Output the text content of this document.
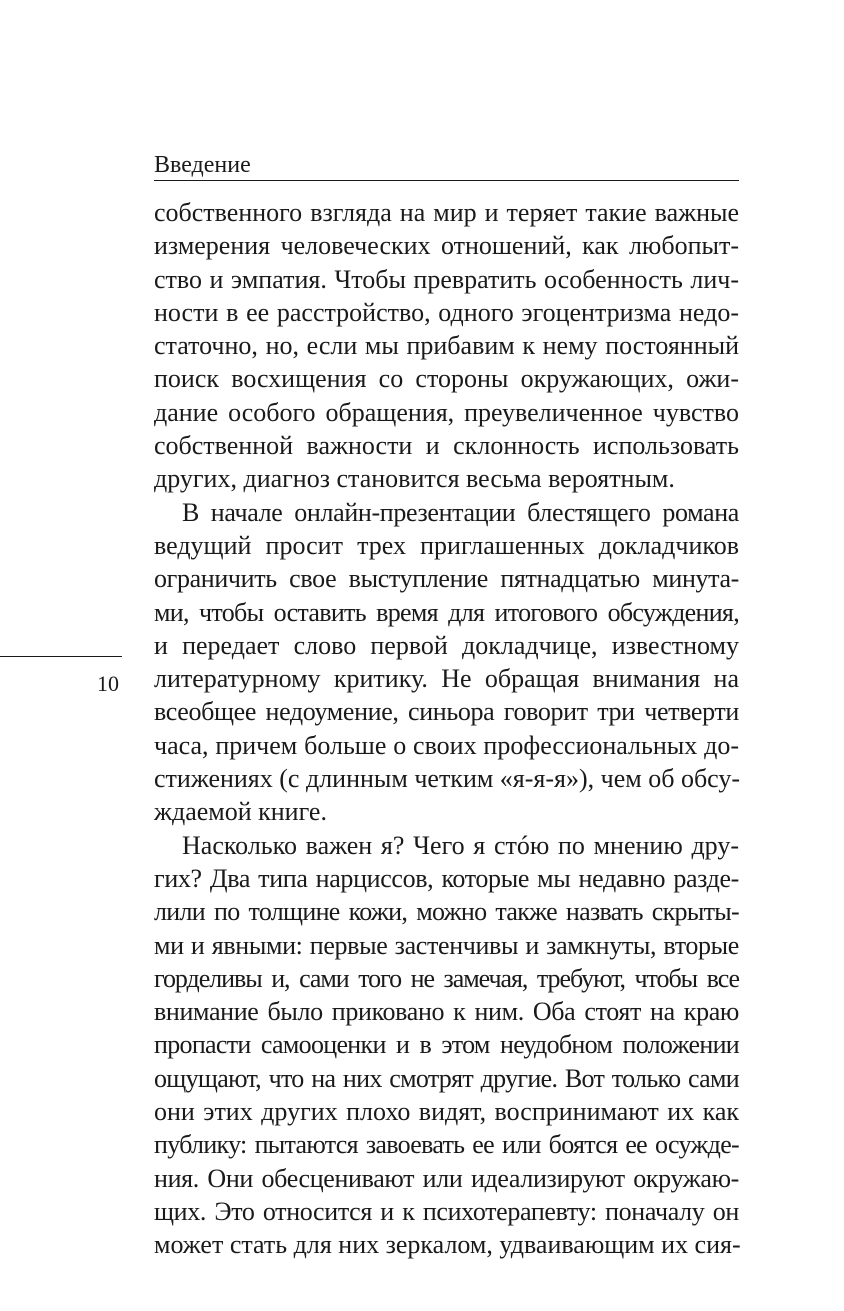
Введение
10
собственного взгляда на мир и теряет такие важные
измерения человеческих отношений, как любопыт-
ство и эмпатия. Чтобы превратить особенность лич-
ности в ее расстройство, одного эгоцентризма недо-
статочно, но, если мы прибавим к нему постоянный
поиск восхищения со стороны окружающих, ожи-
дание особого обращения, преувеличенное чувство
собственной важности и склонность использовать
других, диагноз становится весьма вероятным.
В начале онлайн-презентации блестящего романа
ведущий просит трех приглашенных докладчиков
ограничить свое выступление пятнадцатью минута-
ми, чтобы оставить время для итогового обсуждения,
и передает слово первой докладчице, известному
литературному критику. Не обращая внимания на
всеобщее недоумение, синьора говорит три четверти
часа, причем больше о своих профессиональных до-
стижениях (с длинным четким «я-я-я»), чем об обсу-
ждаемой книге.
Насколько важен я? Чего я стóю по мнению дру-
гих? Два типа нарциссов, которые мы недавно разде-
лили по толщине кожи, можно также назвать скрыты-
ми и явными: первые застенчивы и замкнуты, вторые
горделивы и, сами того не замечая, требуют, чтобы все
внимание было приковано к ним. Оба стоят на краю
пропасти самооценки и в этом неудобном положении
ощущают, что на них смотрят другие. Вот только сами
они этих других плохо видят, воспринимают их как
публику: пытаются завоевать ее или боятся ее осужде-
ния. Они обесценивают или идеализируют окружаю-
щих. Это относится и к психотерапевту: поначалу он
может стать для них зеркалом, удваивающим их сия-
